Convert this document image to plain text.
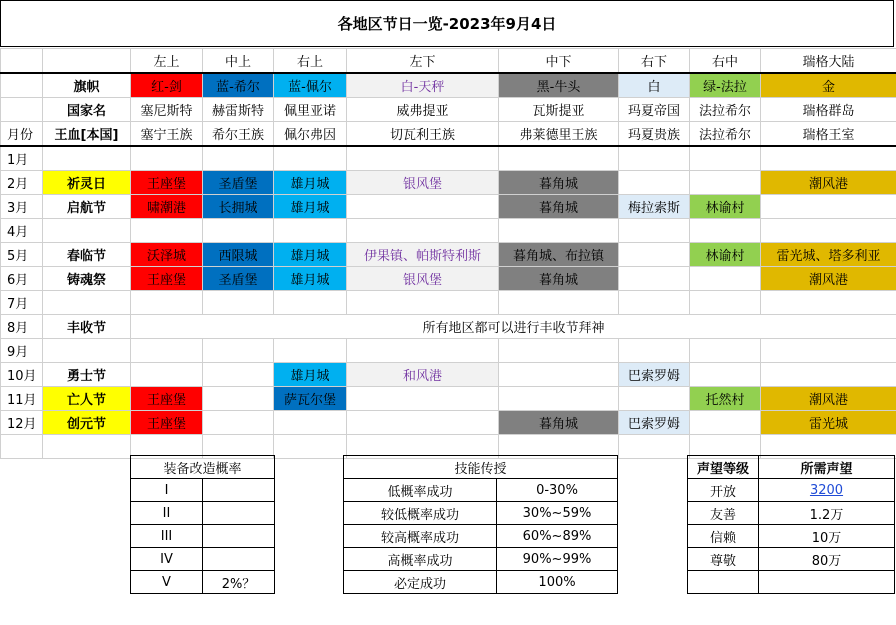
各地区节日一览-2023年9月4日
		左上	中上	右上	左下	中下	右下	右中	瑞格大陆
	旗帜	红-剑	蓝-希尔	蓝-佩尔	白-天秤	黑-牛头	白	绿-法拉	金
	国家名	塞尼斯特	赫雷斯特	佩里亚诺	威弗提亚	瓦斯提亚	玛夏帝国	法拉希尔	瑞格群岛
月份	王血[本国]	塞宁王族	希尔王族	佩尔弗因	切瓦利王族	弗莱德里王族	玛夏贵族	法拉希尔	瑞格王室
1月									
2月	祈灵日	王座堡	圣盾堡	雄月城	银风堡	暮角城			潮风港
3月	启航节	啸潮港	长拥城	雄月城		暮角城	梅拉索斯	林谕村	
4月									
5月	春临节	沃泽城	西限城	雄月城	伊果镇、帕斯特利斯	暮角城、布拉镇		林谕村	雷光城、塔多利亚
6月	铸魂祭	王座堡	圣盾堡	雄月城	银风堡	暮角城			潮风港
7月									
8月	丰收节	所有地区都可以进行丰收节拜神							
9月									
10月	勇士节			雄月城	和风港		巴索罗姆		
11月	亡人节	王座堡		萨瓦尔堡				托然村	潮风港
12月	创元节	王座堡				暮角城	巴索罗姆		雷光城

装备改造概率	
I	
II	
III	
IV	
V	2%？
技能传授	
低概率成功	0-30%
较低概率成功	30%~59%
较高概率成功	60%~89%
高概率成功	90%~99%
必定成功	100%
声望等级	所需声望
开放	3200
友善	1.2万
信赖	10万
尊敬	80万
